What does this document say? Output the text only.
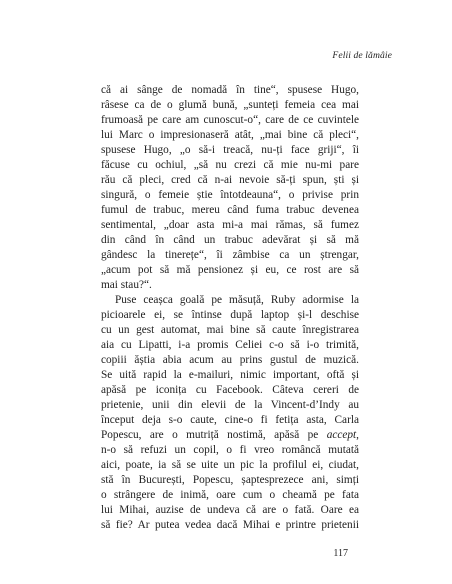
Felii de lămâie
că ai sânge de nomadă în tine“, spusese Hugo,
râsese ca de o glumă bună, „sunteți femeia cea mai
frumoasă pe care am cunoscut-o“, care de ce cuvintele
lui Marc o impresionaseră atât, „mai bine că pleci“,
spusese Hugo, „o să-i treacă, nu-ți face griji“, îi
făcuse cu ochiul, „să nu crezi că mie nu-mi pare
rău că pleci, cred că n-ai nevoie să-ți spun, ști și
singură, o femeie știe întotdeauna“, o privise prin
fumul de trabuc, mereu când fuma trabuc devenea
sentimental, „doar asta mi-a mai rămas, să fumez
din când în când un trabuc adevărat și să mă
gândesc la tinerețe“, îi zâmbise ca un ștrengar,
„acum pot să mă pensionez și eu, ce rost are să
mai stau?“.
Puse ceașca goală pe măsuță, Ruby adormise la
picioarele ei, se întinse după laptop și-l deschise
cu un gest automat, mai bine să caute înregistrarea
aia cu Lipatti, i-a promis Celiei c-o să i-o trimită,
copiii ăștia abia acum au prins gustul de muzică.
Se uită rapid la e-mailuri, nimic important, oftă și
apăsă pe iconița cu Facebook. Câteva cereri de
prietenie, unii din elevii de la Vincent-d’Indy au
început deja s-o caute, cine-o fi fetița asta, Carla
Popescu, are o mutriță nostimă, apăsă pe accept,
n-o să refuzi un copil, o fi vreo româncă mutată
aici, poate, ia să se uite un pic la profilul ei, ciudat,
stă în București, Popescu, șaptesprezece ani, simți
o strângere de inimă, oare cum o cheamă pe fata
lui Mihai, auzise de undeva că are o fată. Oare ea
să fie? Ar putea vedea dacă Mihai e printre prietenii
117
